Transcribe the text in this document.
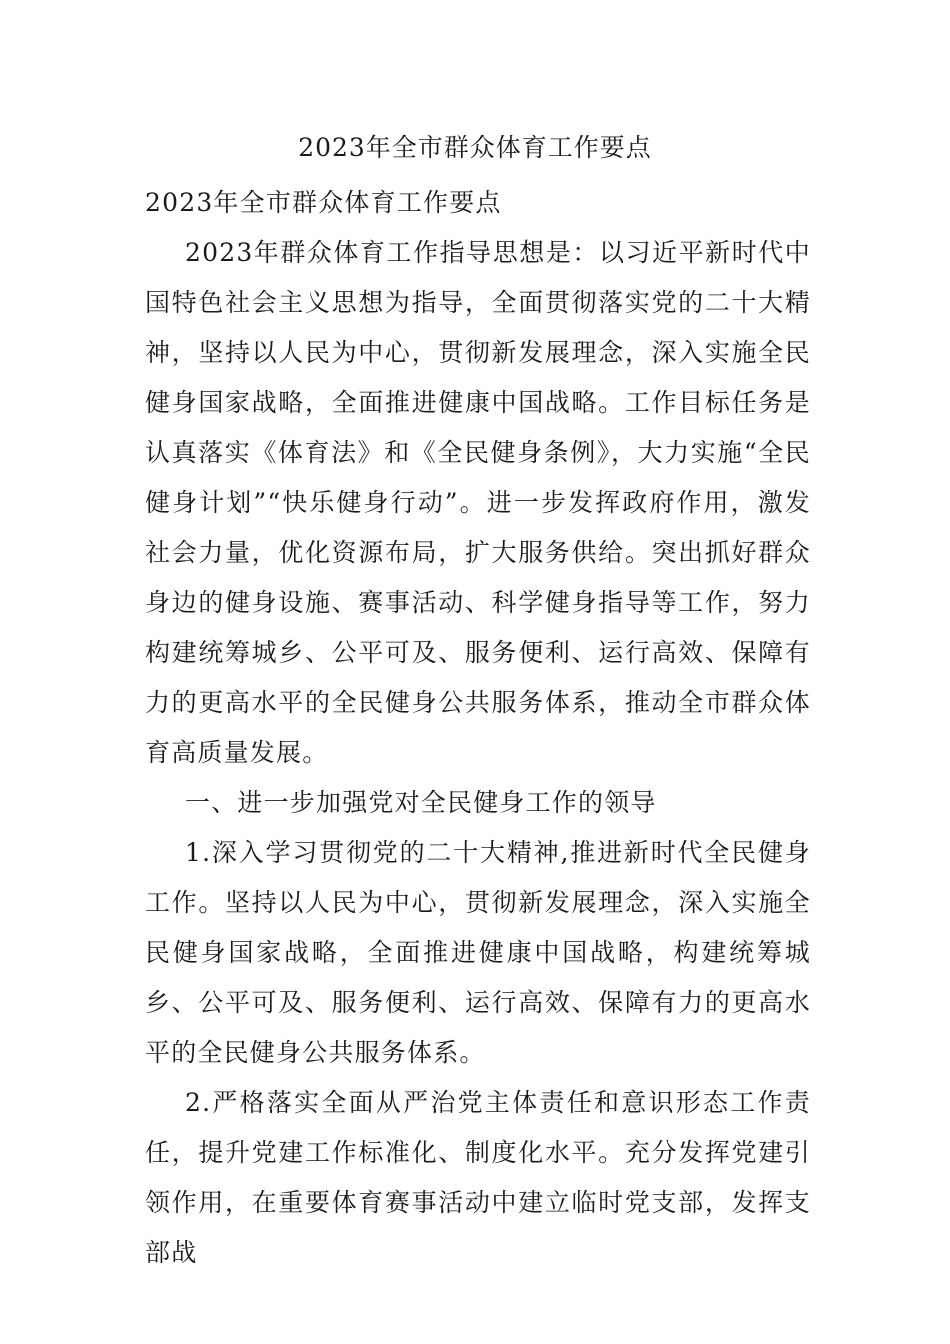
2023年全市群众体育工作要点

2023年全市群众体育工作要点

2023年群众体育工作指导思想是：以习近平新时代中国特色社会主义思想为指导，全面贯彻落实党的二十大精神，坚持以人民为中心，贯彻新发展理念，深入实施全民健身国家战略，全面推进健康中国战略。工作目标任务是认真落实《体育法》和《全民健身条例》，大力实施“全民健身计划”“快乐健身行动”。进一步发挥政府作用，激发社会力量，优化资源布局，扩大服务供给。突出抓好群众身边的健身设施、赛事活动、科学健身指导等工作，努力构建统筹城乡、公平可及、服务便利、运行高效、保障有力的更高水平的全民健身公共服务体系，推动全市群众体育高质量发展。

一、进一步加强党对全民健身工作的领导

1.深入学习贯彻党的二十大精神,推进新时代全民健身工作。坚持以人民为中心，贯彻新发展理念，深入实施全民健身国家战略，全面推进健康中国战略，构建统筹城乡、公平可及、服务便利、运行高效、保障有力的更高水平的全民健身公共服务体系。

2.严格落实全面从严治党主体责任和意识形态工作责任，提升党建工作标准化、制度化水平。充分发挥党建引领作用，在重要体育赛事活动中建立临时党支部，发挥支部战
